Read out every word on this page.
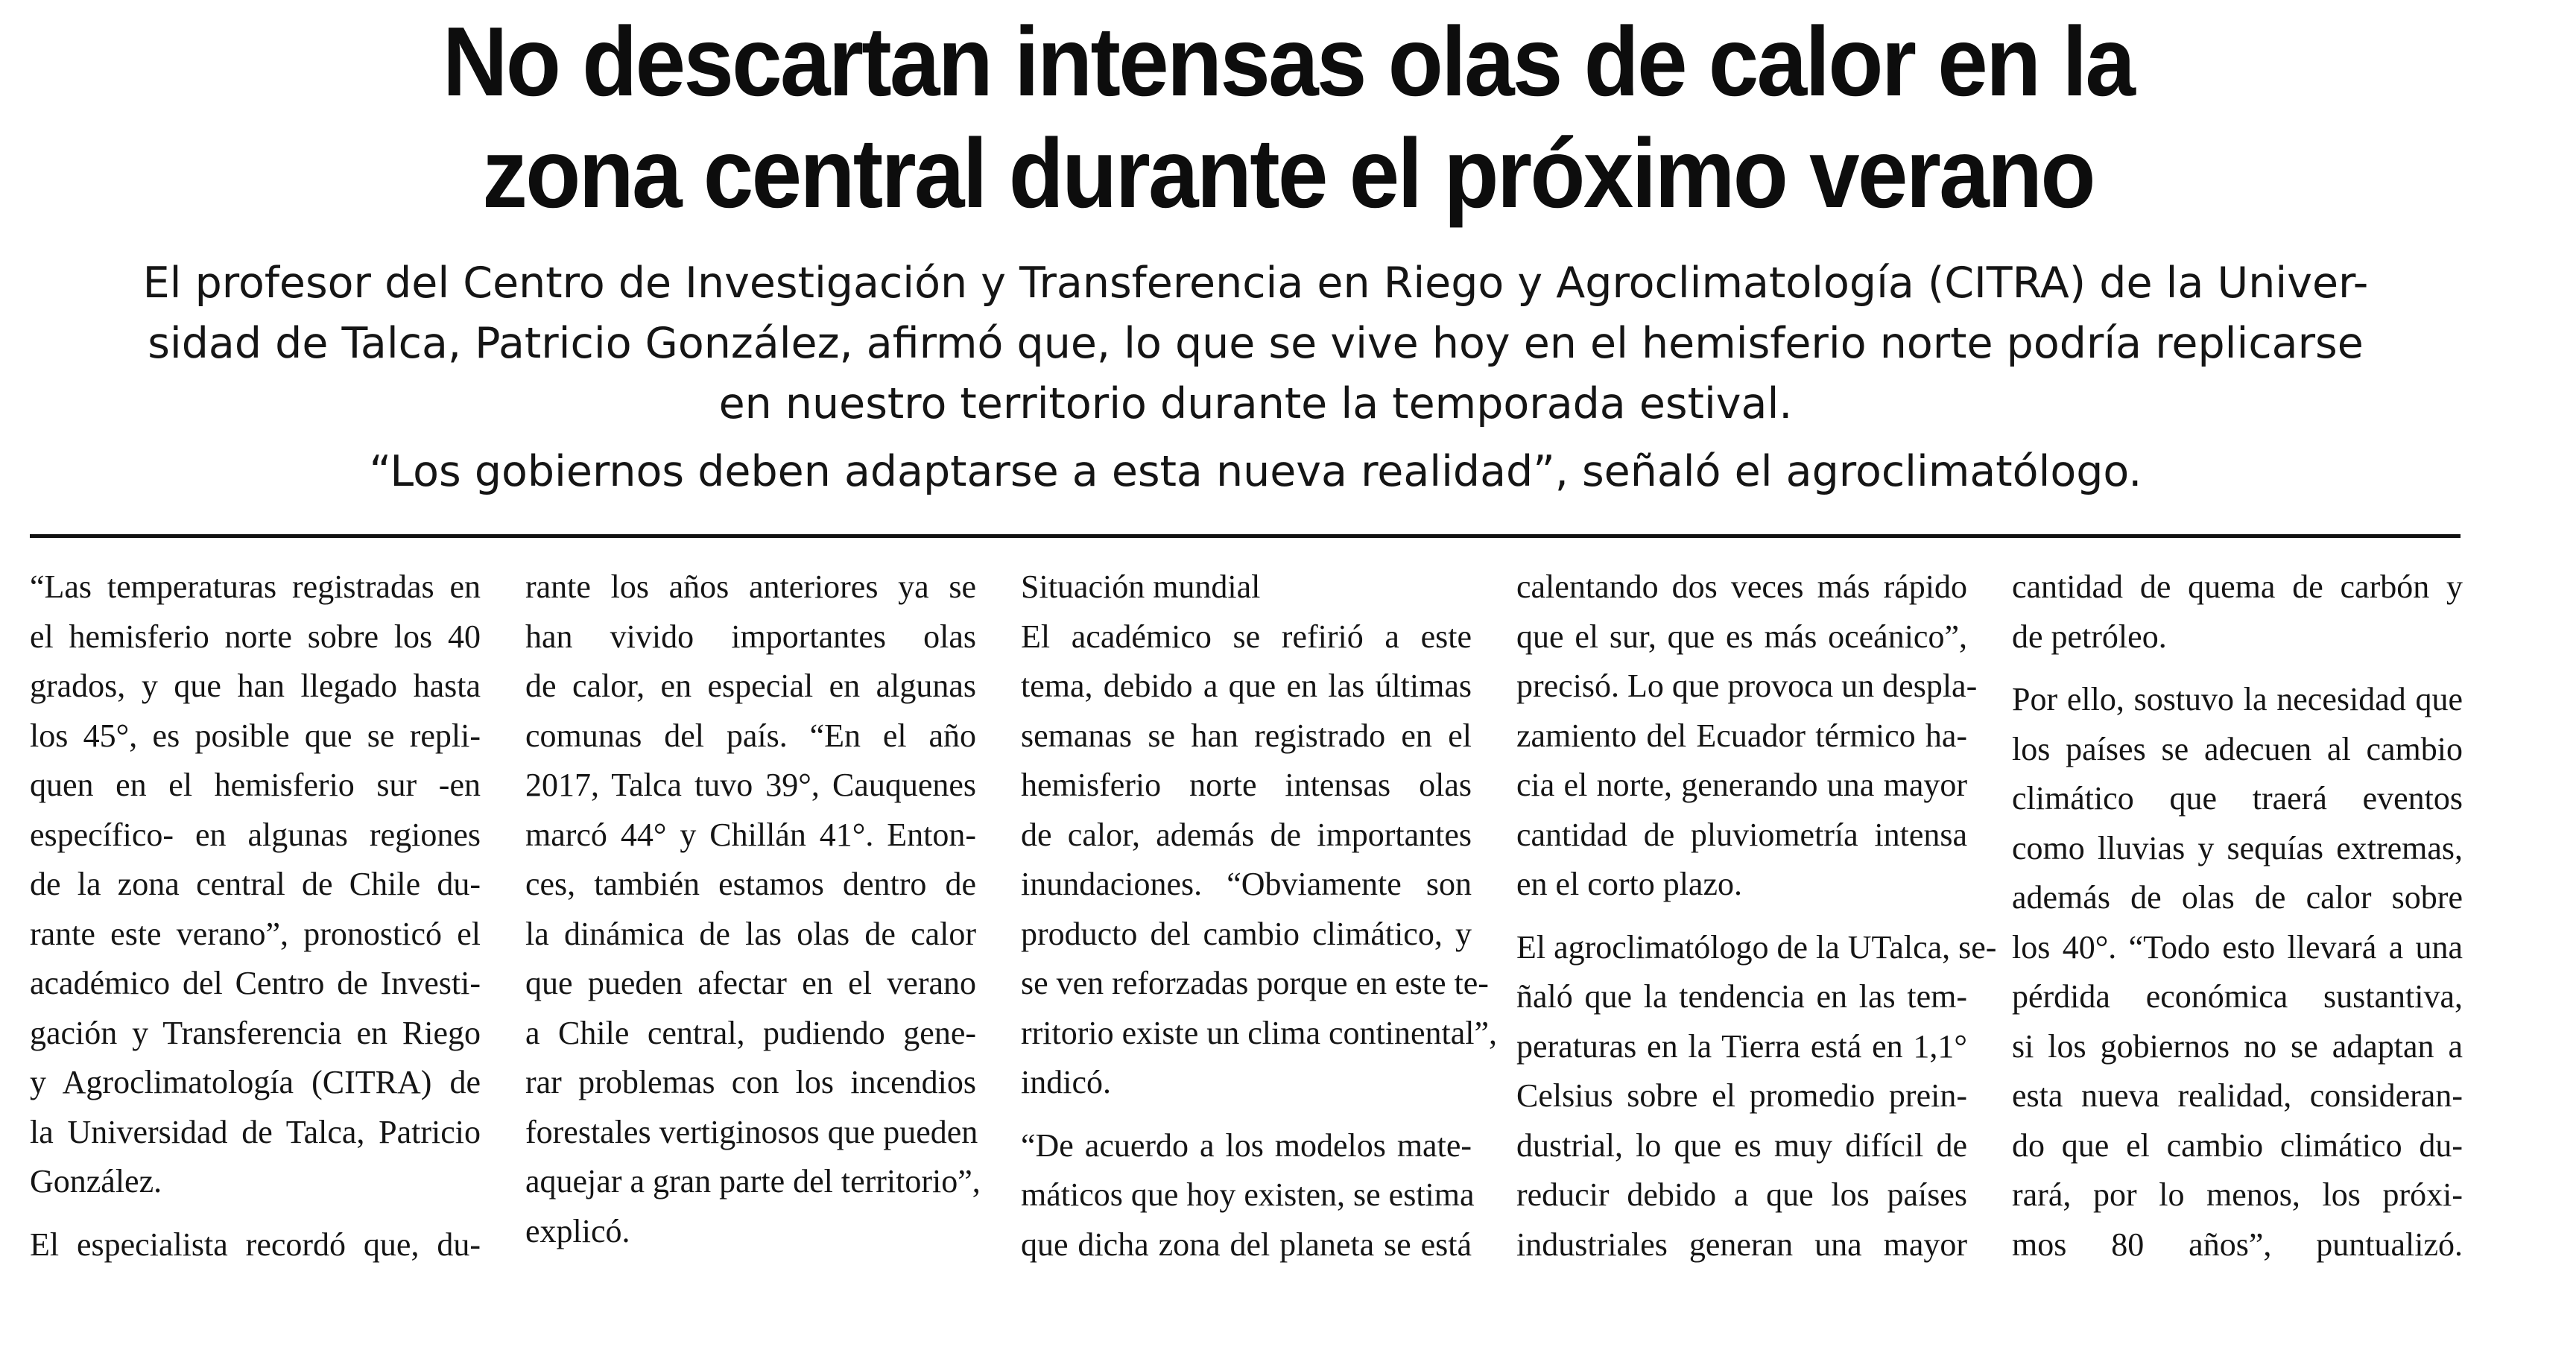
No descartan intensas olas de calor en la
zona central durante el próximo verano
El profesor del Centro de Investigación y Transferencia en Riego y Agroclimatología (CITRA) de la Univer-
sidad de Talca, Patricio González, afirmó que, lo que se vive hoy en el hemisferio norte podría replicarse
en nuestro territorio durante la temporada estival.
“Los gobiernos deben adaptarse a esta nueva realidad”, señaló el agroclimatólogo.

“Las temperaturas registradas en
el hemisferio norte sobre los 40
grados, y que han llegado hasta
los 45°, es posible que se repli-
quen en el hemisferio sur -en
específico- en algunas regiones
de la zona central de Chile du-
rante este verano”, pronosticó el
académico del Centro de Investi-
gación y Transferencia en Riego
y Agroclimatología (CITRA) de
la Universidad de Talca, Patricio
González.

El especialista recordó que, du-

rante los años anteriores ya se
han vivido importantes olas
de calor, en especial en algunas
comunas del país. “En el año
2017, Talca tuvo 39°, Cauquenes
marcó 44° y Chillán 41°. Enton-
ces, también estamos dentro de
la dinámica de las olas de calor
que pueden afectar en el verano
a Chile central, pudiendo gene-
rar problemas con los incendios
forestales vertiginosos que pueden
aquejar a gran parte del territorio”,
explicó.

Situación mundial

El académico se refirió a este
tema, debido a que en las últimas
semanas se han registrado en el
hemisferio norte intensas olas
de calor, además de importantes
inundaciones. “Obviamente son
producto del cambio climático, y
se ven reforzadas porque en este te-
rritorio existe un clima continental”,
indicó.

“De acuerdo a los modelos mate-
máticos que hoy existen, se estima
que dicha zona del planeta se está

calentando dos veces más rápido
que el sur, que es más oceánico”,
precisó. Lo que provoca un despla-
zamiento del Ecuador térmico ha-
cia el norte, generando una mayor
cantidad de pluviometría intensa
en el corto plazo.

El agroclimatólogo de la UTalca, se-
ñaló que la tendencia en las tem-
peraturas en la Tierra está en 1,1°
Celsius sobre el promedio prein-
dustrial, lo que es muy difícil de
reducir debido a que los países
industriales generan una mayor

cantidad de quema de carbón y
de petróleo.

Por ello, sostuvo la necesidad que
los países se adecuen al cambio
climático que traerá eventos
como lluvias y sequías extremas,
además de olas de calor sobre
los 40°. “Todo esto llevará a una
pérdida económica sustantiva,
si los gobiernos no se adaptan a
esta nueva realidad, consideran-
do que el cambio climático du-
rará, por lo menos, los próxi-
mos 80 años”, puntualizó.
